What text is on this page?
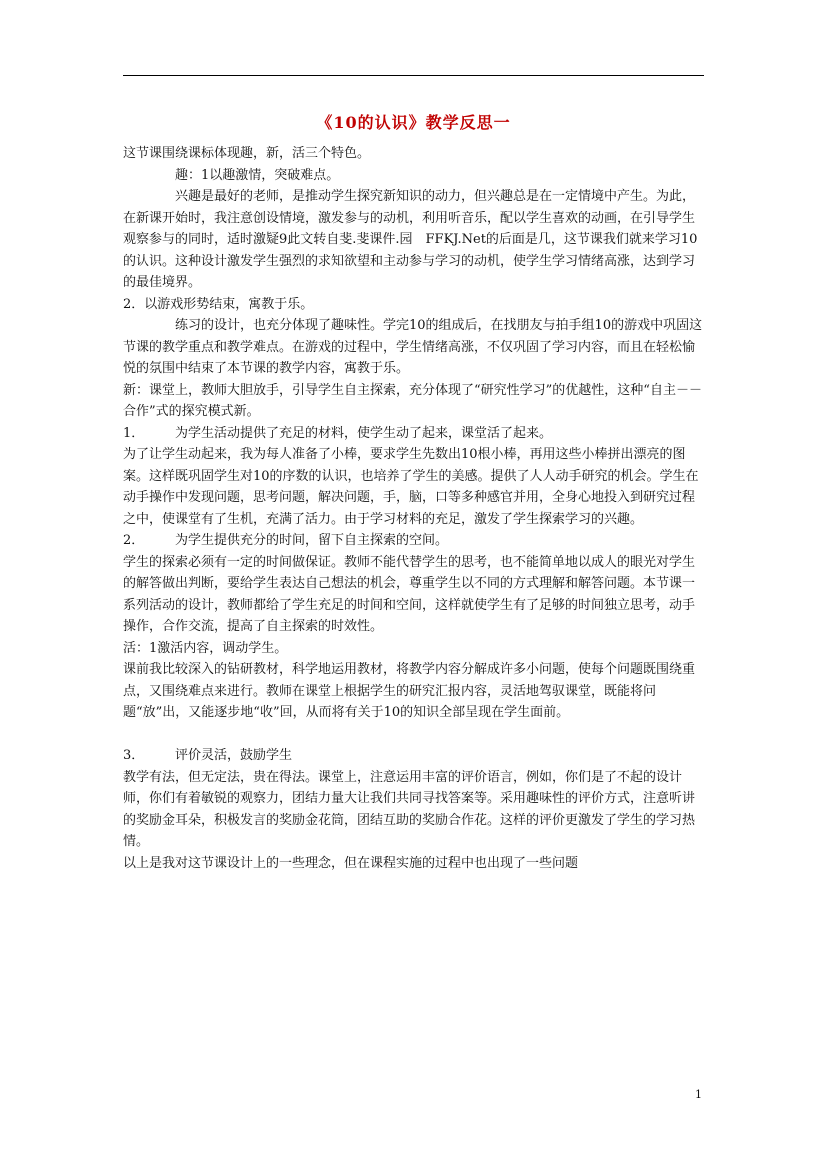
《10的认识》教学反思一

这节课围绕课标体现趣，新，活三个特色。

趣：1以趣激情，突破难点。

兴趣是最好的老师，是推动学生探究新知识的动力，但兴趣总是在一定情境中产生。为此，在新课开始时，我注意创设情境，激发参与的动机，利用听音乐，配以学生喜欢的动画，在引导学生观察参与的同时，适时激疑9此文转自斐.斐课件.园　FFKJ.Net的后面是几，这节课我们就来学习10的认识。这种设计激发学生强烈的求知欲望和主动参与学习的动机，使学生学习情绪高涨，达到学习的最佳境界。

2．以游戏形势结束，寓教于乐。

练习的设计，也充分体现了趣味性。学完10的组成后，在找朋友与拍手组10的游戏中巩固这节课的教学重点和教学难点。在游戏的过程中，学生情绪高涨，不仅巩固了学习内容，而且在轻松愉悦的氛围中结束了本节课的教学内容，寓教于乐。

新：课堂上，教师大胆放手，引导学生自主探索，充分体现了“研究性学习”的优越性，这种“自主－－合作”式的探究模式新。

1． 为学生活动提供了充足的材料，使学生动了起来，课堂活了起来。

为了让学生动起来，我为每人准备了小棒，要求学生先数出10根小棒，再用这些小棒拼出漂亮的图案。这样既巩固学生对10的序数的认识，也培养了学生的美感。提供了人人动手研究的机会。学生在动手操作中发现问题，思考问题，解决问题，手，脑，口等多种感官并用，全身心地投入到研究过程之中，使课堂有了生机，充满了活力。由于学习材料的充足，激发了学生探索学习的兴趣。

2． 为学生提供充分的时间，留下自主探索的空间。

学生的探索必须有一定的时间做保证。教师不能代替学生的思考，也不能简单地以成人的眼光对学生的解答做出判断，要给学生表达自己想法的机会，尊重学生以不同的方式理解和解答问题。本节课一系列活动的设计，教师都给了学生充足的时间和空间，这样就使学生有了足够的时间独立思考，动手操作，合作交流，提高了自主探索的时效性。

活：1激活内容，调动学生。

课前我比较深入的钻研教材，科学地运用教材，将教学内容分解成许多小问题，使每个问题既围绕重点，又围绕难点来进行。教师在课堂上根据学生的研究汇报内容，灵活地驾驭课堂，既能将问题“放”出，又能逐步地“收”回，从而将有关于10的知识全部呈现在学生面前。

3． 评价灵活，鼓励学生

教学有法，但无定法，贵在得法。课堂上，注意运用丰富的评价语言，例如，你们是了不起的设计师，你们有着敏锐的观察力，团结力量大让我们共同寻找答案等。采用趣味性的评价方式，注意听讲的奖励金耳朵，积极发言的奖励金花筒，团结互助的奖励合作花。这样的评价更激发了学生的学习热情。

以上是我对这节课设计上的一些理念，但在课程实施的过程中也出现了一些问题

1
